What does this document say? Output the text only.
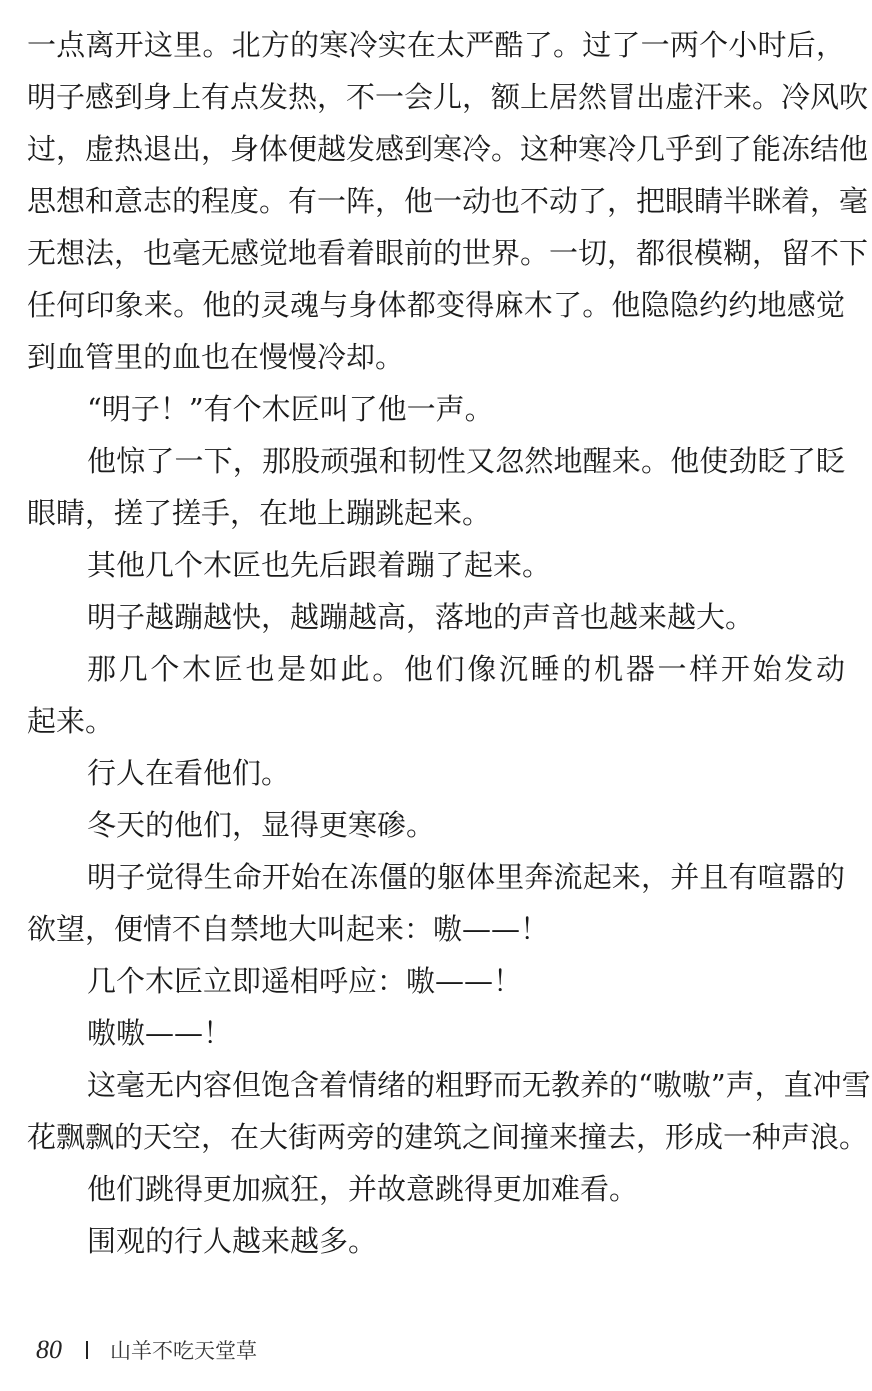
一点离开这里。北方的寒冷实在太严酷了。过了一两个小时后，
明子感到身上有点发热，不一会儿，额上居然冒出虚汗来。冷风吹
过，虚热退出，身体便越发感到寒冷。这种寒冷几乎到了能冻结他
思想和意志的程度。有一阵，他一动也不动了，把眼睛半眯着，毫
无想法，也毫无感觉地看着眼前的世界。一切，都很模糊，留不下
任何印象来。他的灵魂与身体都变得麻木了。他隐隐约约地感觉
到血管里的血也在慢慢冷却。
“明子！”有个木匠叫了他一声。
他惊了一下，那股顽强和韧性又忽然地醒来。他使劲眨了眨
眼睛，搓了搓手，在地上蹦跳起来。
其他几个木匠也先后跟着蹦了起来。
明子越蹦越快，越蹦越高，落地的声音也越来越大。
那几个木匠也是如此。他们像沉睡的机器一样开始发动
起来。
行人在看他们。
冬天的他们，显得更寒碜。
明子觉得生命开始在冻僵的躯体里奔流起来，并且有喧嚣的
欲望，便情不自禁地大叫起来：嗷——！
几个木匠立即遥相呼应：嗷——！
嗷嗷——！
这毫无内容但饱含着情绪的粗野而无教养的“嗷嗷”声，直冲雪
花飘飘的天空，在大街两旁的建筑之间撞来撞去，形成一种声浪。
他们跳得更加疯狂，并故意跳得更加难看。
围观的行人越来越多。
80 山羊不吃天堂草
